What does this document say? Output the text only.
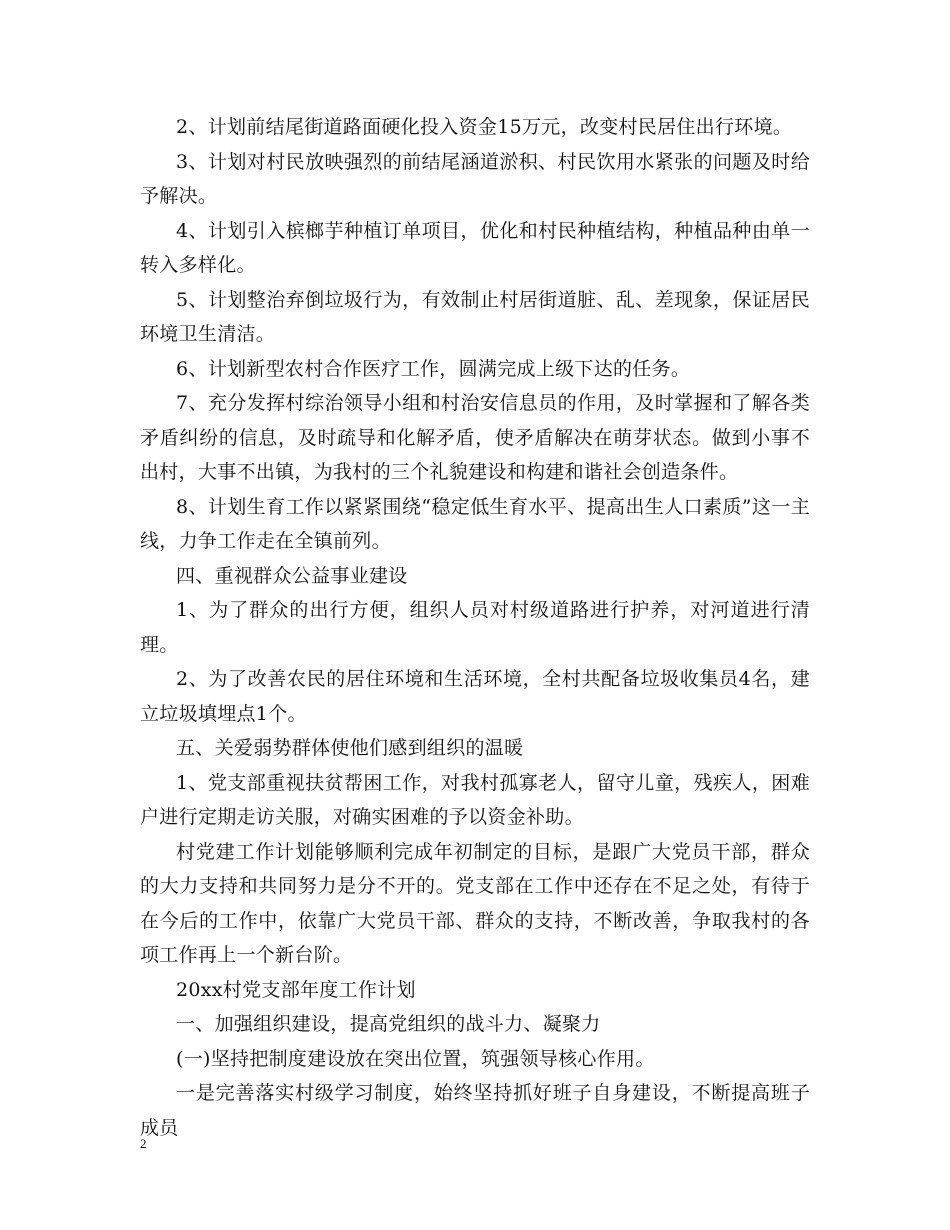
2、计划前结尾街道路面硬化投入资金15万元，改变村民居住出行环境。

3、计划对村民放映强烈的前结尾涵道淤积、村民饮用水紧张的问题及时给予解决。

4、计划引入槟榔芋种植订单项目，优化和村民种植结构，种植品种由单一转入多样化。

5、计划整治弃倒垃圾行为，有效制止村居街道脏、乱、差现象，保证居民环境卫生清洁。

6、计划新型农村合作医疗工作，圆满完成上级下达的任务。

7、充分发挥村综治领导小组和村治安信息员的作用，及时掌握和了解各类矛盾纠纷的信息，及时疏导和化解矛盾，使矛盾解决在萌芽状态。做到小事不出村，大事不出镇，为我村的三个礼貌建设和构建和谐社会创造条件。

8、计划生育工作以紧紧围绕“稳定低生育水平、提高出生人口素质”这一主线，力争工作走在全镇前列。

四、重视群众公益事业建设

1、为了群众的出行方便，组织人员对村级道路进行护养，对河道进行清理。

2、为了改善农民的居住环境和生活环境，全村共配备垃圾收集员4名，建立垃圾填埋点1个。

五、关爱弱势群体使他们感到组织的温暖

1、党支部重视扶贫帮困工作，对我村孤寡老人，留守儿童，残疾人，困难户进行定期走访关服，对确实困难的予以资金补助。

村党建工作计划能够顺利完成年初制定的目标，是跟广大党员干部，群众的大力支持和共同努力是分不开的。党支部在工作中还存在不足之处，有待于在今后的工作中，依靠广大党员干部、群众的支持，不断改善，争取我村的各项工作再上一个新台阶。

20xx村党支部年度工作计划

一、加强组织建设，提高党组织的战斗力、凝聚力

(一)坚持把制度建设放在突出位置，筑强领导核心作用。

一是完善落实村级学习制度，始终坚持抓好班子自身建设，不断提高班子成员

2
